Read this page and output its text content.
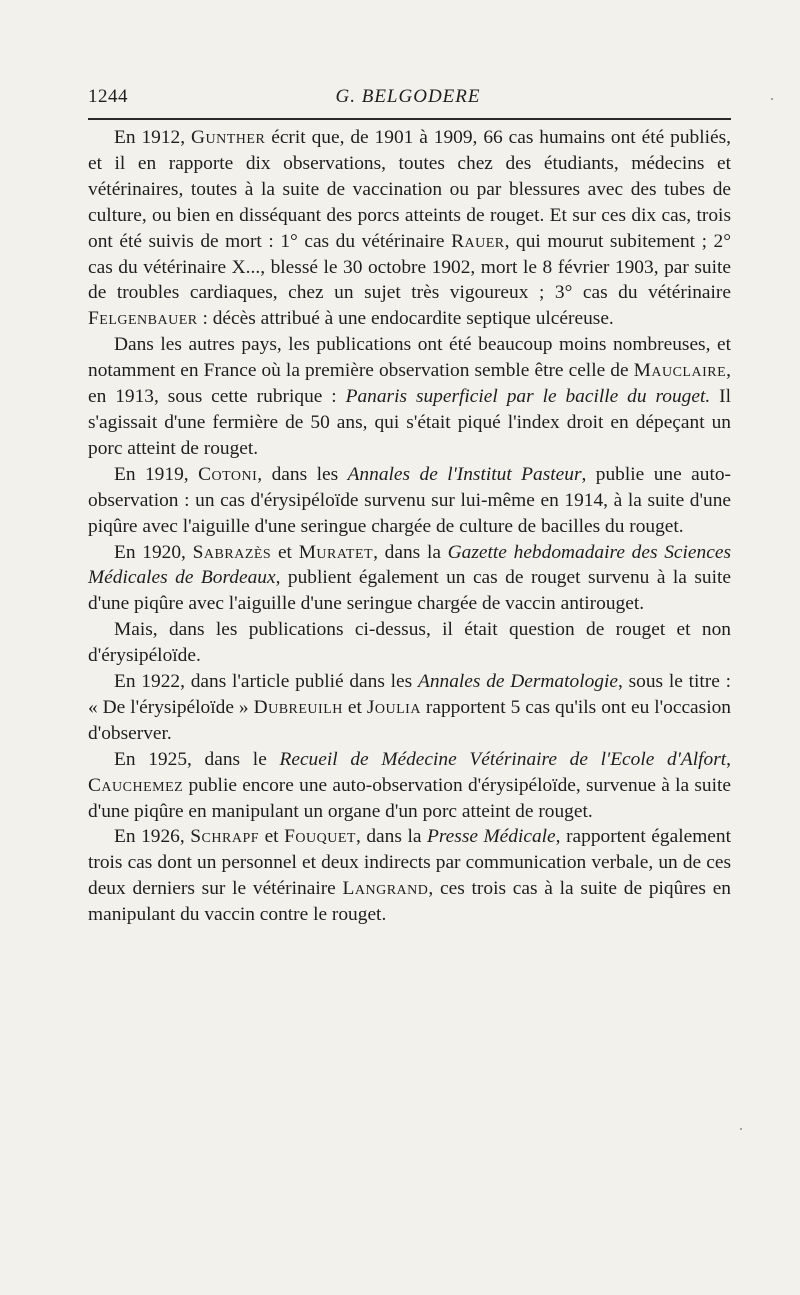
1244	G. BELGODERE

En 1912, Gunther écrit que, de 1901 à 1909, 66 cas humains ont été publiés, et il en rapporte dix observations, toutes chez des étudiants, médecins et vétérinaires, toutes à la suite de vaccination ou par blessures avec des tubes de culture, ou bien en disséquant des porcs atteints de rouget. Et sur ces dix cas, trois ont été suivis de mort : 1° cas du vétérinaire Rauer, qui mourut subitement ; 2° cas du vétérinaire X..., blessé le 30 octobre 1902, mort le 8 février 1903, par suite de troubles cardiaques, chez un sujet très vigoureux ; 3° cas du vétérinaire Felgenbauer : décès attribué à une endocardite septique ulcéreuse.

Dans les autres pays, les publications ont été beaucoup moins nombreuses, et notamment en France où la première observation semble être celle de Mauclaire, en 1913, sous cette rubrique : Panaris superficiel par le bacille du rouget. Il s'agissait d'une fermière de 50 ans, qui s'était piqué l'index droit en dépeçant un porc atteint de rouget.

En 1919, Cotoni, dans les Annales de l'Institut Pasteur, publie une auto-observation : un cas d'érysipéloïde survenu sur lui-même en 1914, à la suite d'une piqûre avec l'aiguille d'une seringue chargée de culture de bacilles du rouget.

En 1920, Sabrazès et Muratet, dans la Gazette hebdomadaire des Sciences Médicales de Bordeaux, publient également un cas de rouget survenu à la suite d'une piqûre avec l'aiguille d'une seringue chargée de vaccin antirouget.

Mais, dans les publications ci-dessus, il était question de rouget et non d'érysipéloïde.

En 1922, dans l'article publié dans les Annales de Dermatologie, sous le titre : « De l'érysipéloïde » Dubreuilh et Joulia rapportent 5 cas qu'ils ont eu l'occasion d'observer.

En 1925, dans le Recueil de Médecine Vétérinaire de l'Ecole d'Alfort, Cauchemez publie encore une auto-observation d'érysipéloïde, survenue à la suite d'une piqûre en manipulant un organe d'un porc atteint de rouget.

En 1926, Schrapf et Fouquet, dans la Presse Médicale, rapportent également trois cas dont un personnel et deux indirects par communication verbale, un de ces deux derniers sur le vétérinaire Langrand, ces trois cas à la suite de piqûres en manipulant du vaccin contre le rouget.
